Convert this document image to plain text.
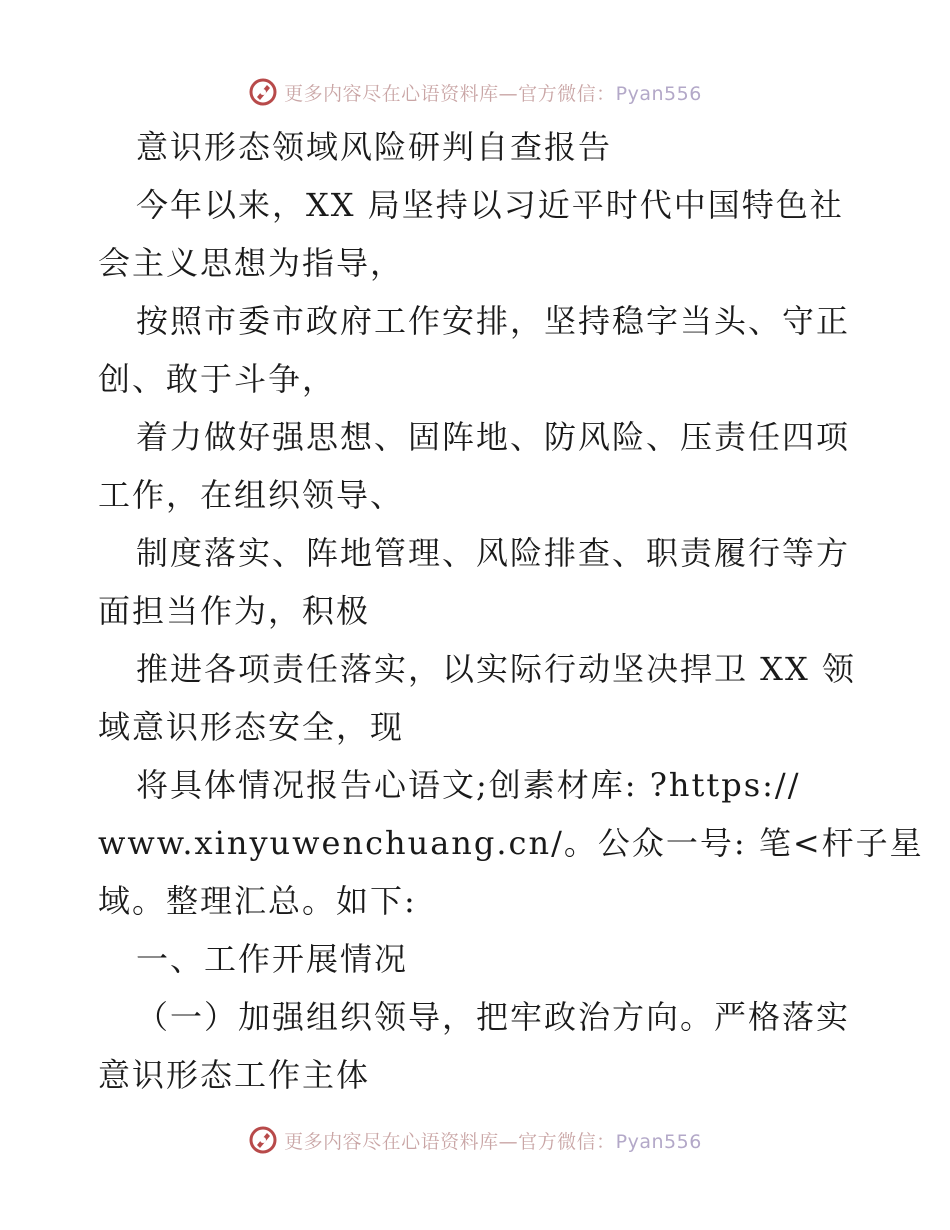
更多内容尽在心语资料库—官方微信：Pyan556
意识形态领域风险研判自查报告
今年以来，XX 局坚持以习近平时代中国特色社
会主义思想为指导，
按照市委市政府工作安排，坚持稳字当头、守正
创、敢于斗争，
着力做好强思想、固阵地、防风险、压责任四项
工作，在组织领导、
制度落实、阵地管理、风险排查、职责履行等方
面担当作为，积极
推进各项责任落实，以实际行动坚决捍卫 XX 领
域意识形态安全，现
将具体情况报告心语文;创素材库: ?https://
www.xinyuwenchuang.cn/。公众一号: 笔<杆子星
域。整理汇总。如下:
一、工作开展情况
（一）加强组织领导，把牢政治方向。严格落实
意识形态工作主体
更多内容尽在心语资料库—官方微信：Pyan556
